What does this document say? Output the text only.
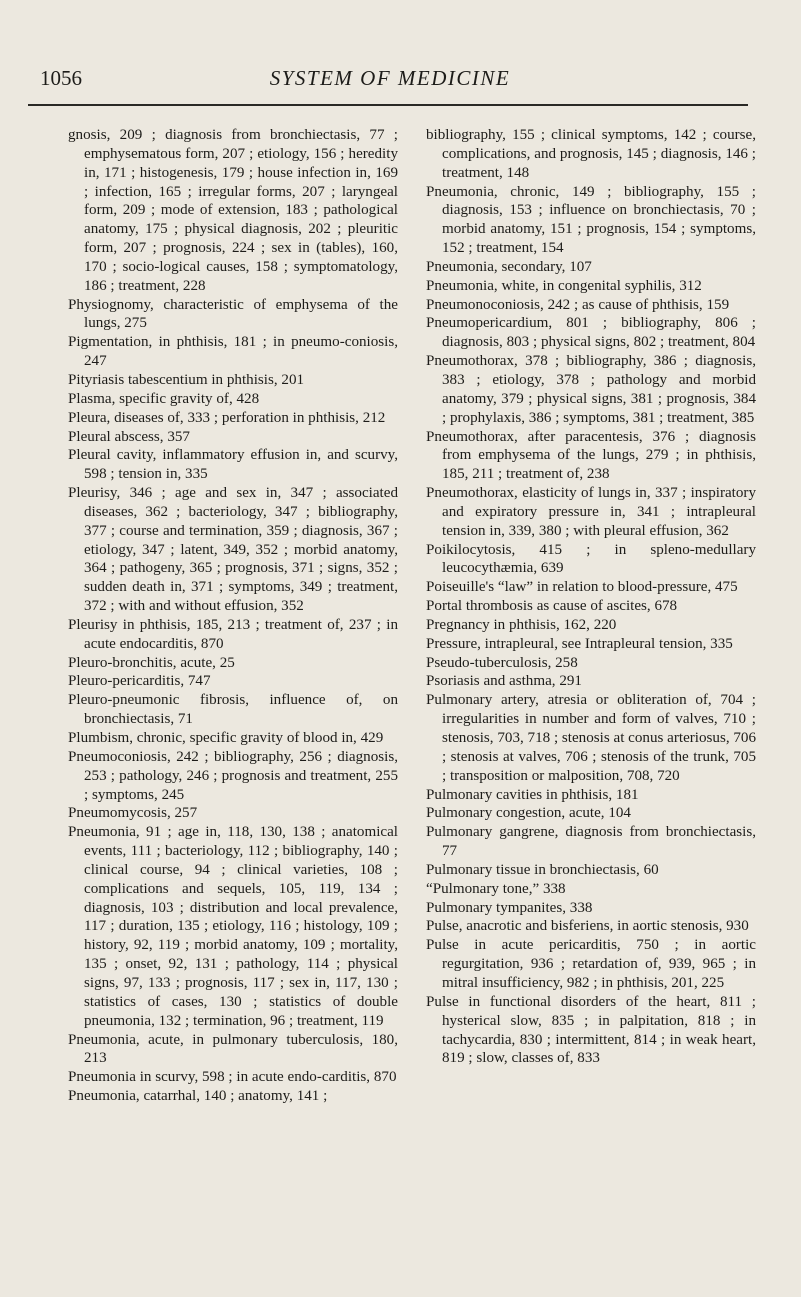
1056	SYSTEM OF MEDICINE

gnosis, 209 ; diagnosis from bronchiectasis, 77 ; emphysematous form, 207 ; etiology, 156 ; heredity in, 171 ; histogenesis, 179 ; house infection in, 169 ; infection, 165 ; irregular forms, 207 ; laryngeal form, 209 ; mode of extension, 183 ; pathological anatomy, 175 ; physical diagnosis, 202 ; pleuritic form, 207 ; prognosis, 224 ; sex in (tables), 160, 170 ; socio-logical causes, 158 ; symptomatology, 186 ; treatment, 228

Physiognomy, characteristic of emphysema of the lungs, 275

Pigmentation, in phthisis, 181 ; in pneumo-coniosis, 247

Pityriasis tabescentium in phthisis, 201

Plasma, specific gravity of, 428

Pleura, diseases of, 333 ; perforation in phthisis, 212

Pleural abscess, 357

Pleural cavity, inflammatory effusion in, and scurvy, 598 ; tension in, 335

Pleurisy, 346 ; age and sex in, 347 ; associated diseases, 362 ; bacteriology, 347 ; bibliography, 377 ; course and termination, 359 ; diagnosis, 367 ; etiology, 347 ; latent, 349, 352 ; morbid anatomy, 364 ; pathogeny, 365 ; prognosis, 371 ; signs, 352 ; sudden death in, 371 ; symptoms, 349 ; treatment, 372 ; with and without effusion, 352

Pleurisy in phthisis, 185, 213 ; treatment of, 237 ; in acute endocarditis, 870

Pleuro-bronchitis, acute, 25

Pleuro-pericarditis, 747

Pleuro-pneumonic fibrosis, influence of, on bronchiectasis, 71

Plumbism, chronic, specific gravity of blood in, 429

Pneumoconiosis, 242 ; bibliography, 256 ; diagnosis, 253 ; pathology, 246 ; prognosis and treatment, 255 ; symptoms, 245

Pneumomycosis, 257

Pneumonia, 91 ; age in, 118, 130, 138 ; anatomical events, 111 ; bacteriology, 112 ; bibliography, 140 ; clinical course, 94 ; clinical varieties, 108 ; complications and sequels, 105, 119, 134 ; diagnosis, 103 ; distribution and local prevalence, 117 ; duration, 135 ; etiology, 116 ; histology, 109 ; history, 92, 119 ; morbid anatomy, 109 ; mortality, 135 ; onset, 92, 131 ; pathology, 114 ; physical signs, 97, 133 ; prognosis, 117 ; sex in, 117, 130 ; statistics of cases, 130 ; statistics of double pneumonia, 132 ; termination, 96 ; treatment, 119

Pneumonia, acute, in pulmonary tuberculosis, 180, 213

Pneumonia in scurvy, 598 ; in acute endo-carditis, 870

Pneumonia, catarrhal, 140 ; anatomy, 141 ;

bibliography, 155 ; clinical symptoms, 142 ; course, complications, and prognosis, 145 ; diagnosis, 146 ; treatment, 148

Pneumonia, chronic, 149 ; bibliography, 155 ; diagnosis, 153 ; influence on bronchiectasis, 70 ; morbid anatomy, 151 ; prognosis, 154 ; symptoms, 152 ; treatment, 154

Pneumonia, secondary, 107

Pneumonia, white, in congenital syphilis, 312

Pneumonoconiosis, 242 ; as cause of phthisis, 159

Pneumopericardium, 801 ; bibliography, 806 ; diagnosis, 803 ; physical signs, 802 ; treatment, 804

Pneumothorax, 378 ; bibliography, 386 ; diagnosis, 383 ; etiology, 378 ; pathology and morbid anatomy, 379 ; physical signs, 381 ; prognosis, 384 ; prophylaxis, 386 ; symptoms, 381 ; treatment, 385

Pneumothorax, after paracentesis, 376 ; diagnosis from emphysema of the lungs, 279 ; in phthisis, 185, 211 ; treatment of, 238

Pneumothorax, elasticity of lungs in, 337 ; inspiratory and expiratory pressure in, 341 ; intrapleural tension in, 339, 380 ; with pleural effusion, 362

Poikilocytosis, 415 ; in spleno-medullary leucocythæmia, 639

Poiseuille's “law” in relation to blood-pressure, 475

Portal thrombosis as cause of ascites, 678

Pregnancy in phthisis, 162, 220

Pressure, intrapleural, see Intrapleural tension, 335

Pseudo-tuberculosis, 258

Psoriasis and asthma, 291

Pulmonary artery, atresia or obliteration of, 704 ; irregularities in number and form of valves, 710 ; stenosis, 703, 718 ; stenosis at conus arteriosus, 706 ; stenosis at valves, 706 ; stenosis of the trunk, 705 ; transposition or malposition, 708, 720

Pulmonary cavities in phthisis, 181

Pulmonary congestion, acute, 104

Pulmonary gangrene, diagnosis from bronchiectasis, 77

Pulmonary tissue in bronchiectasis, 60

“Pulmonary tone,” 338

Pulmonary tympanites, 338

Pulse, anacrotic and bisferiens, in aortic stenosis, 930

Pulse in acute pericarditis, 750 ; in aortic regurgitation, 936 ; retardation of, 939, 965 ; in mitral insufficiency, 982 ; in phthisis, 201, 225

Pulse in functional disorders of the heart, 811 ; hysterical slow, 835 ; in palpitation, 818 ; in tachycardia, 830 ; intermittent, 814 ; in weak heart, 819 ; slow, classes of, 833
